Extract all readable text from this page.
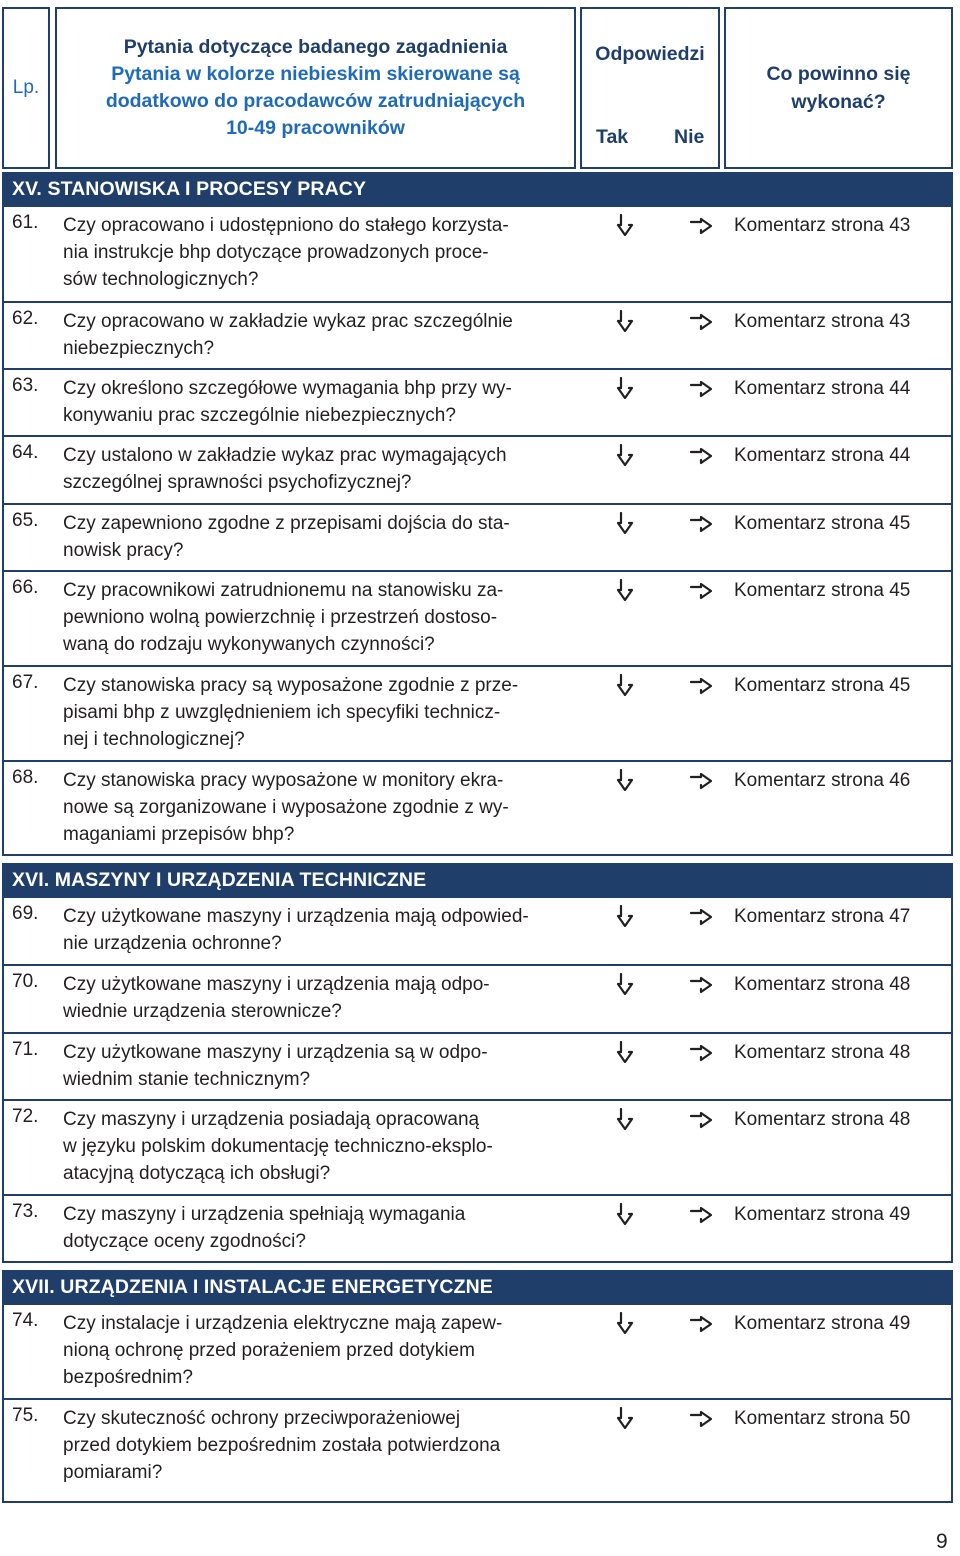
Lp.
Pytania dotyczące badanego zagadnienia
Pytania w kolorze niebieskim skierowane są
dodatkowo do pracodawców zatrudniających
10-49 pracowników
Odpowiedzi
Tak Nie
Co powinno się
wykonać?
XV. STANOWISKA I PROCESY PRACY
61. Czy opracowano i udostępniono do stałego korzysta-
nia instrukcje bhp dotyczące prowadzonych proce-
sów technologicznych?
Komentarz strona 43
62. Czy opracowano w zakładzie wykaz prac szczególnie
niebezpiecznych?
Komentarz strona 43
63. Czy określono szczegółowe wymagania bhp przy wy-
konywaniu prac szczególnie niebezpiecznych?
Komentarz strona 44
64. Czy ustalono w zakładzie wykaz prac wymagających
szczególnej sprawności psychofizycznej?
Komentarz strona 44
65. Czy zapewniono zgodne z przepisami dojścia do sta-
nowisk pracy?
Komentarz strona 45
66. Czy pracownikowi zatrudnionemu na stanowisku za-
pewniono wolną powierzchnię i przestrzeń dostoso-
waną do rodzaju wykonywanych czynności?
Komentarz strona 45
67. Czy stanowiska pracy są wyposażone zgodnie z prze-
pisami bhp z uwzględnieniem ich specyfiki technicz-
nej i technologicznej?
Komentarz strona 45
68. Czy stanowiska pracy wyposażone w monitory ekra-
nowe są zorganizowane i wyposażone zgodnie z wy-
maganiami przepisów bhp?
Komentarz strona 46
XVI. MASZYNY I URZĄDZENIA TECHNICZNE
69. Czy użytkowane maszyny i urządzenia mają odpowied-
nie urządzenia ochronne?
Komentarz strona 47
70. Czy użytkowane maszyny i urządzenia mają odpo-
wiednie urządzenia sterownicze?
Komentarz strona 48
71. Czy użytkowane maszyny i urządzenia są w odpo-
wiednim stanie technicznym?
Komentarz strona 48
72. Czy maszyny i urządzenia posiadają opracowaną
w języku polskim dokumentację techniczno-eksplo-
atacyjną dotyczącą ich obsługi?
Komentarz strona 48
73. Czy maszyny i urządzenia spełniają wymagania
dotyczące oceny zgodności?
Komentarz strona 49
XVII. URZĄDZENIA I INSTALACJE ENERGETYCZNE
74. Czy instalacje i urządzenia elektryczne mają zapew-
nioną ochronę przed porażeniem przed dotykiem
bezpośrednim?
Komentarz strona 49
75. Czy skuteczność ochrony przeciwporażeniowej
przed dotykiem bezpośrednim została potwierdzona
pomiarami?
Komentarz strona 50
9
